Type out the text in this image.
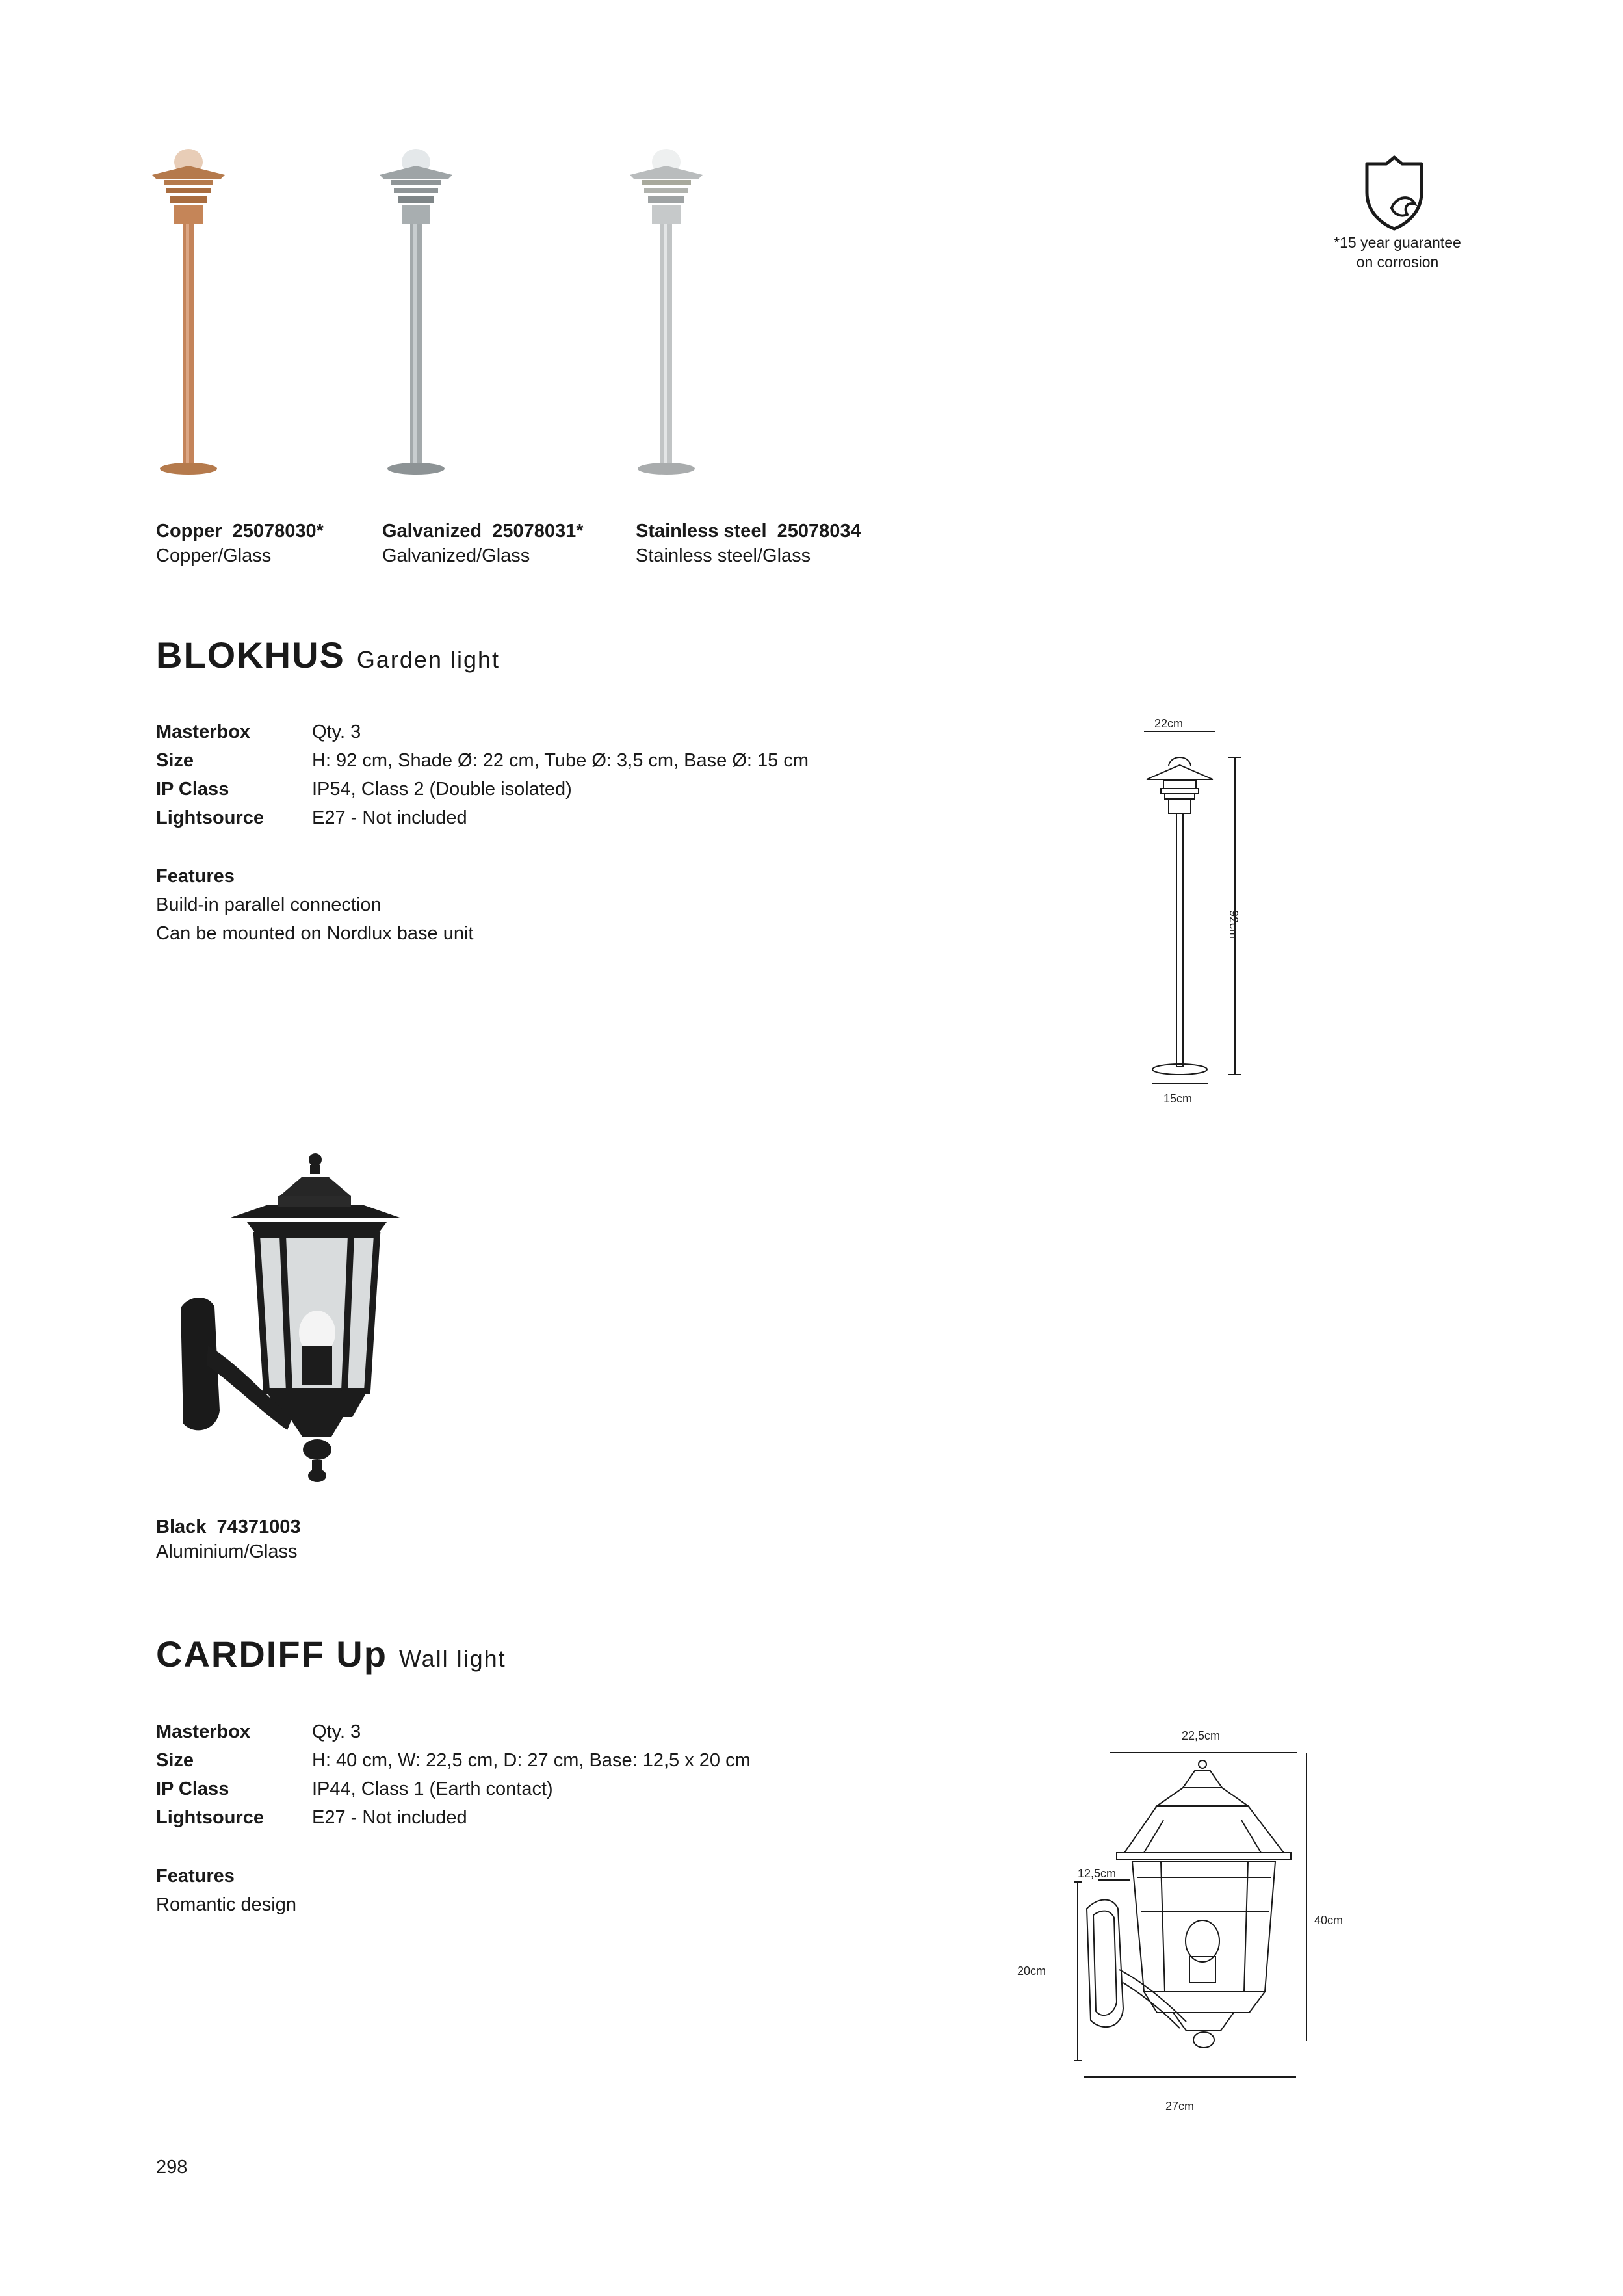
*15 year guarantee
on corrosion
Copper 25078030*
Copper/Glass
Galvanized 25078031*
Galvanized/Glass
Stainless steel 25078034
Stainless steel/Glass
BLOKHUS Garden light
Masterbox	Qty. 3
Size	H: 92 cm, Shade Ø: 22 cm, Tube Ø: 3,5 cm, Base Ø: 15 cm
IP Class	IP54, Class 2 (Double isolated)
Lightsource	E27 - Not included
Features
Build-in parallel connection
Can be mounted on Nordlux base unit
22cm
92cm
15cm
Black 74371003
Aluminium/Glass
CARDIFF Up Wall light
Masterbox	Qty. 3
Size	H: 40 cm, W: 22,5 cm, D: 27 cm, Base: 12,5 x 20 cm
IP Class	IP44, Class 1 (Earth contact)
Lightsource	E27 - Not included
Features
Romantic design
22,5cm
12,5cm
40cm
20cm
27cm
298
